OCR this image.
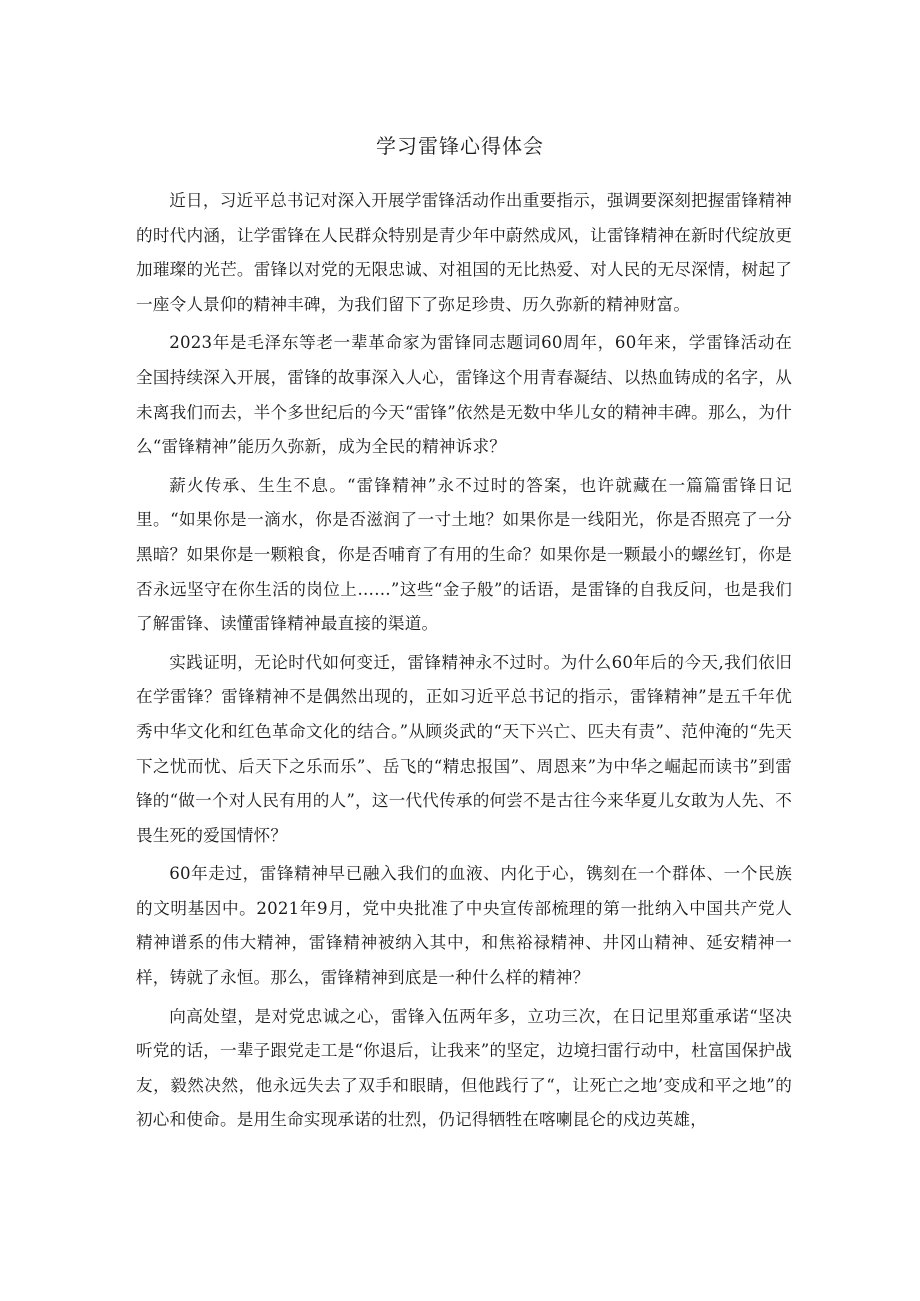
学习雷锋心得体会

近日，习近平总书记对深入开展学雷锋活动作出重要指示，强调要深刻把握雷锋精神的时代内涵，让学雷锋在人民群众特别是青少年中蔚然成风，让雷锋精神在新时代绽放更加璀璨的光芒。雷锋以对党的无限忠诚、对祖国的无比热爱、对人民的无尽深情，树起了一座令人景仰的精神丰碑，为我们留下了弥足珍贵、历久弥新的精神财富。

2023年是毛泽东等老一辈革命家为雷锋同志题词60周年，60年来，学雷锋活动在全国持续深入开展，雷锋的故事深入人心，雷锋这个用青春凝结、以热血铸成的名字，从未离我们而去，半个多世纪后的今天“雷锋”依然是无数中华儿女的精神丰碑。那么，为什么“雷锋精神”能历久弥新，成为全民的精神诉求？

薪火传承、生生不息。“雷锋精神”永不过时的答案，也许就藏在一篇篇雷锋日记里。“如果你是一滴水，你是否滋润了一寸土地？如果你是一线阳光，你是否照亮了一分黑暗？如果你是一颗粮食，你是否哺育了有用的生命？如果你是一颗最小的螺丝钉，你是否永远坚守在你生活的岗位上……”这些“金子般”的话语，是雷锋的自我反问，也是我们了解雷锋、读懂雷锋精神最直接的渠道。

实践证明，无论时代如何变迁，雷锋精神永不过时。为什么60年后的今天,我们依旧在学雷锋？雷锋精神不是偶然出现的，正如习近平总书记的指示，雷锋精神”是五千年优秀中华文化和红色革命文化的结合。”从顾炎武的“天下兴亡、匹夫有责”、范仲淹的“先天下之忧而忧、后天下之乐而乐”、岳飞的“精忠报国”、周恩来”为中华之崛起而读书”到雷锋的“做一个对人民有用的人”，这一代代传承的何尝不是古往今来华夏儿女敢为人先、不畏生死的爱国情怀？

60年走过，雷锋精神早已融入我们的血液、内化于心，镌刻在一个群体、一个民族的文明基因中。2021年9月，党中央批准了中央宣传部梳理的第一批纳入中国共产党人精神谱系的伟大精神，雷锋精神被纳入其中，和焦裕禄精神、井冈山精神、延安精神一样，铸就了永恒。那么，雷锋精神到底是一种什么样的精神？

向高处望，是对党忠诚之心，雷锋入伍两年多，立功三次，在日记里郑重承诺“坚决听党的话，一辈子跟党走工是“你退后，让我来”的坚定，边境扫雷行动中，杜富国保护战友，毅然决然，他永远失去了双手和眼睛，但他践行了“，让死亡之地’变成和平之地”的初心和使命。是用生命实现承诺的壮烈，仍记得牺牲在喀喇昆仑的戍边英雄，
